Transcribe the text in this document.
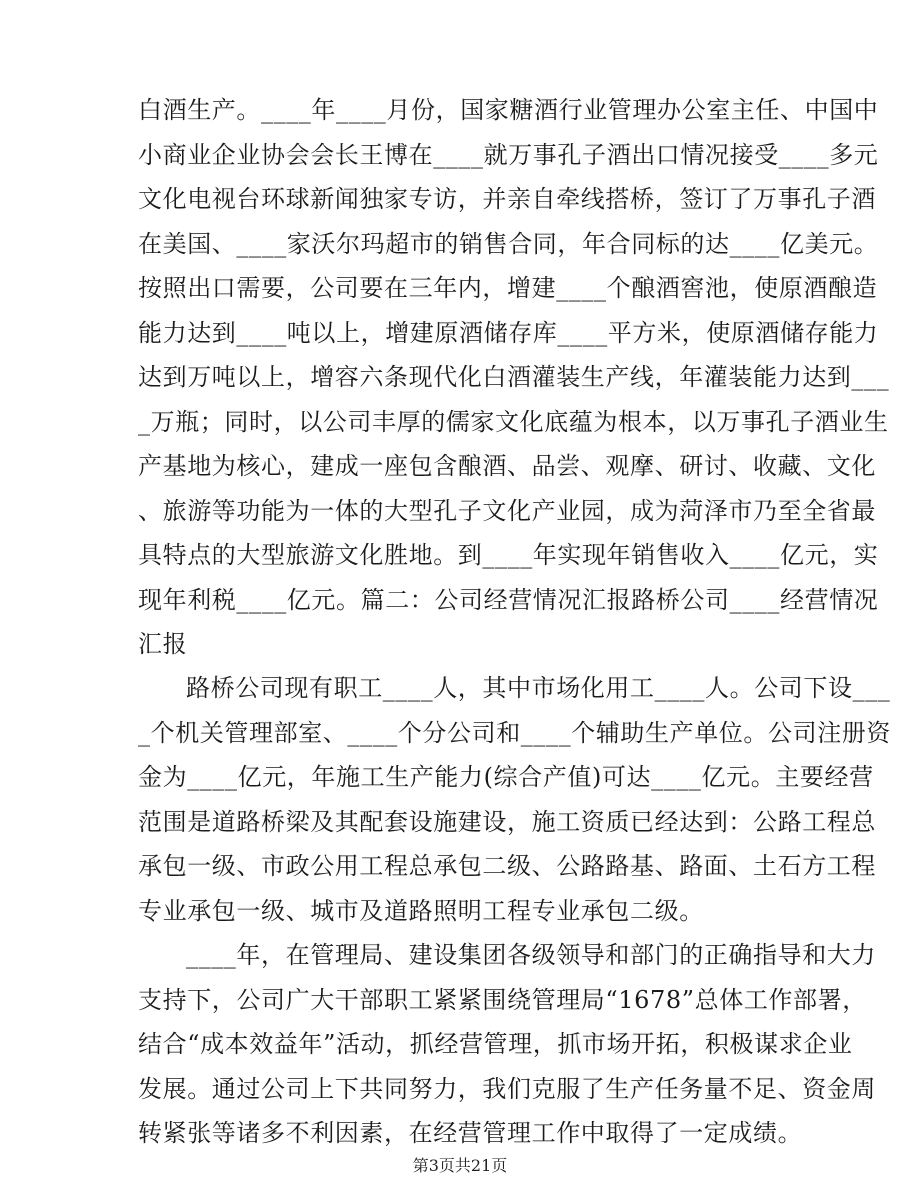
白酒生产。____年____月份，国家糖酒行业管理办公室主任、中国中
小商业企业协会会长王博在____就万事孔子酒出口情况接受____多元
文化电视台环球新闻独家专访，并亲自牵线搭桥，签订了万事孔子酒
在美国、____家沃尔玛超市的销售合同，年合同标的达____亿美元。
按照出口需要，公司要在三年内，增建____个酿酒窖池，使原酒酿造
能力达到____吨以上，增建原酒储存库____平方米，使原酒储存能力
达到万吨以上，增容六条现代化白酒灌装生产线，年灌装能力达到___
_万瓶；同时，以公司丰厚的儒家文化底蕴为根本，以万事孔子酒业生
产基地为核心，建成一座包含酿酒、品尝、观摩、研讨、收藏、文化
、旅游等功能为一体的大型孔子文化产业园，成为菏泽市乃至全省最
具特点的大型旅游文化胜地。到____年实现年销售收入____亿元，实
现年利税____亿元。篇二：公司经营情况汇报路桥公司____经营情况
汇报
路桥公司现有职工____人，其中市场化用工____人。公司下设___
_个机关管理部室、____个分公司和____个辅助生产单位。公司注册资
金为____亿元，年施工生产能力(综合产值)可达____亿元。主要经营
范围是道路桥梁及其配套设施建设，施工资质已经达到：公路工程总
承包一级、市政公用工程总承包二级、公路路基、路面、土石方工程
专业承包一级、城市及道路照明工程专业承包二级。
____年，在管理局、建设集团各级领导和部门的正确指导和大力
支持下，公司广大干部职工紧紧围绕管理局“1678”总体工作部署，
结合“成本效益年”活动，抓经营管理，抓市场开拓，积极谋求企业
发展。通过公司上下共同努力，我们克服了生产任务量不足、资金周
转紧张等诸多不利因素，在经营管理工作中取得了一定成绩。
第3页共21页
